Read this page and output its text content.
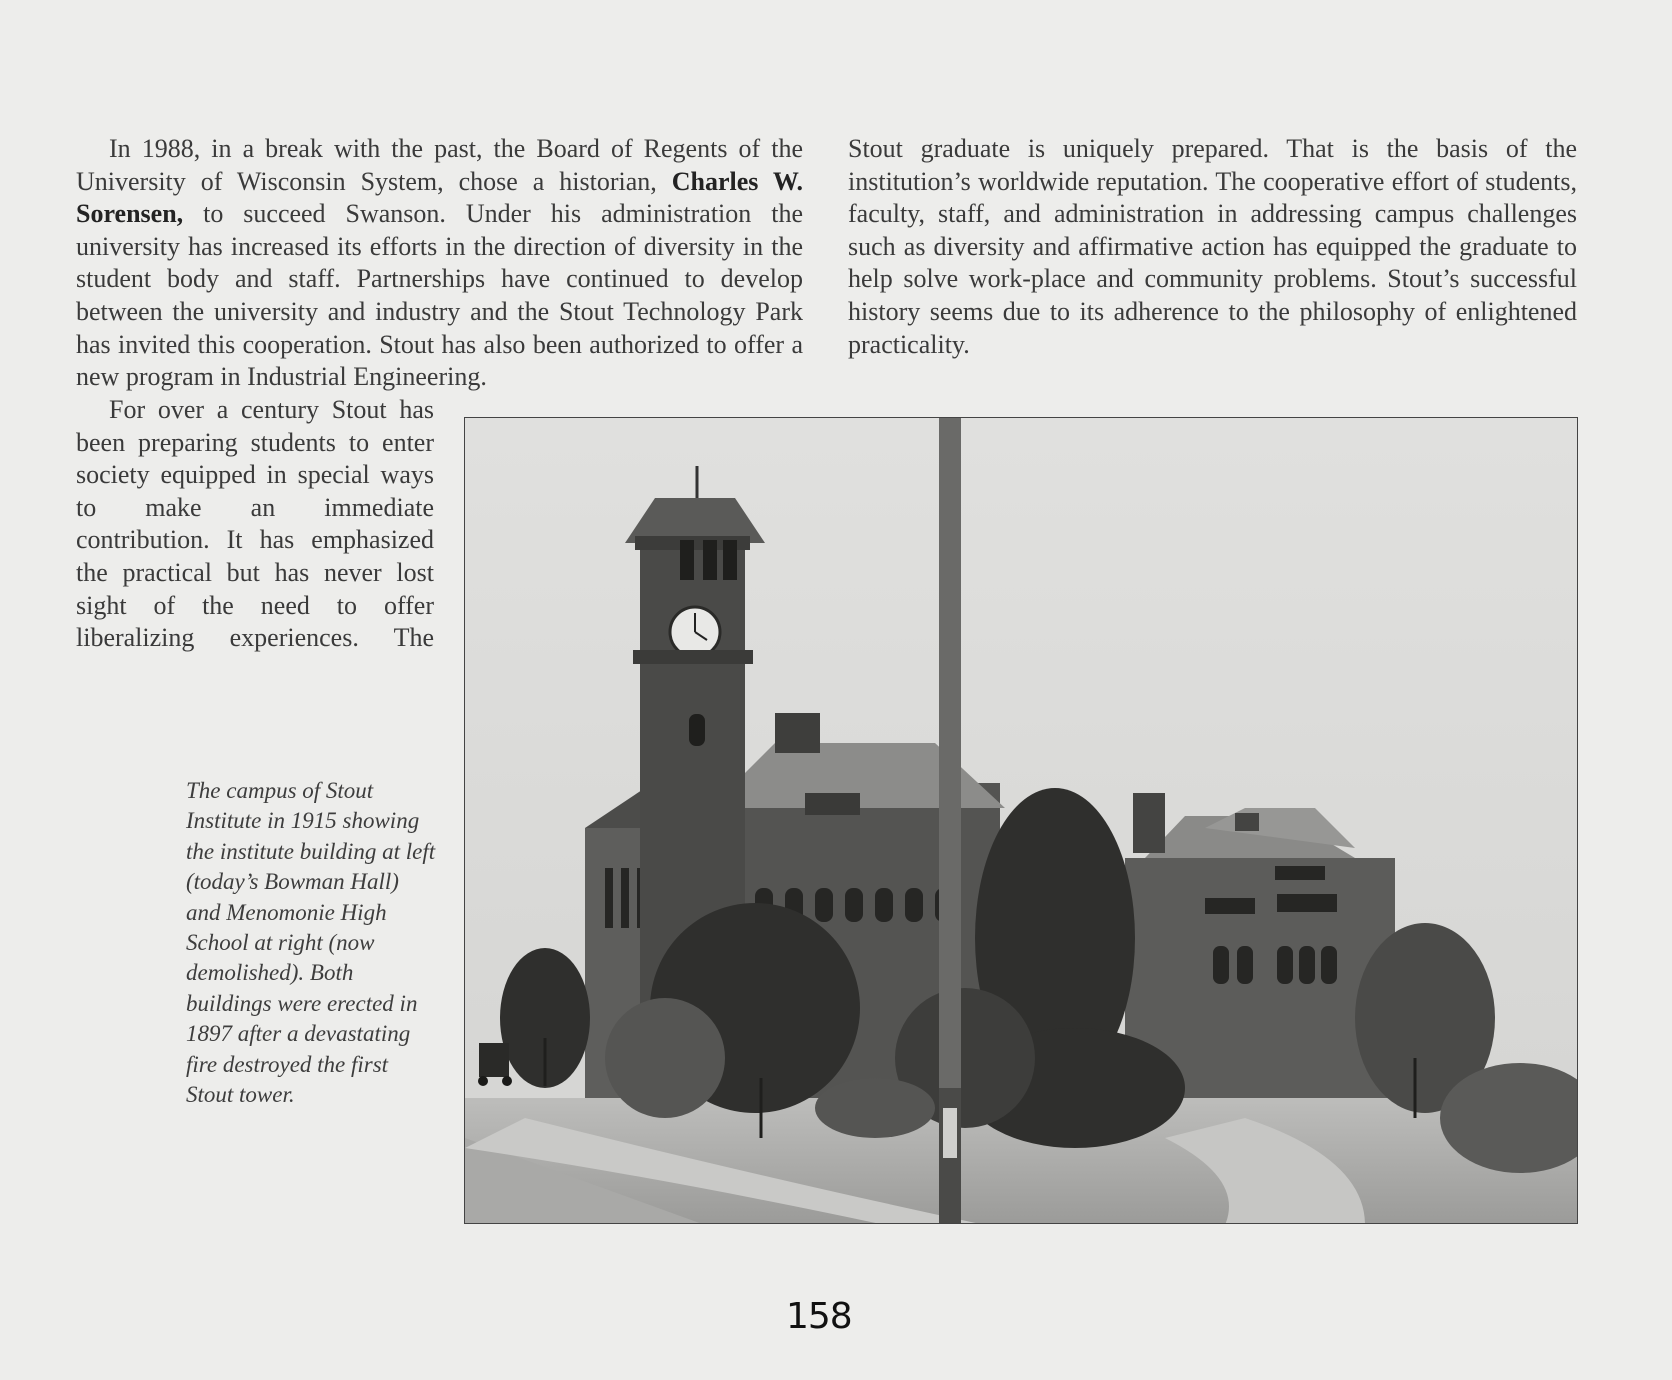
In 1988, in a break with the past, the Board of Regents of the University of Wisconsin System, chose a historian, Charles W. Sorensen, to succeed Swanson. Under his administration the university has increased its efforts in the direction of diversity in the student body and staff. Partnerships have continued to develop between the university and industry and the Stout Technology Park has invited this cooperation. Stout has also been authorized to offer a new program in Industrial Engineering.

For over a century Stout has been preparing students to enter society equipped in special ways to make an immediate contribution. It has emphasized the practical but has never lost sight of the need to offer liberalizing experiences. The

Stout graduate is uniquely prepared. That is the basis of the institution’s worldwide reputation. The cooperative effort of students, faculty, staff, and administration in addressing campus challenges such as diversity and affirmative action has equipped the graduate to help solve work-place and community problems. Stout’s successful history seems due to its adherence to the philosophy of enlightened practicality.

The campus of Stout Institute in 1915 showing the institute building at left (today’s Bowman Hall) and Menomonie High School at right (now demolished). Both buildings were erected in 1897 after a devastating fire destroyed the first Stout tower.

158
